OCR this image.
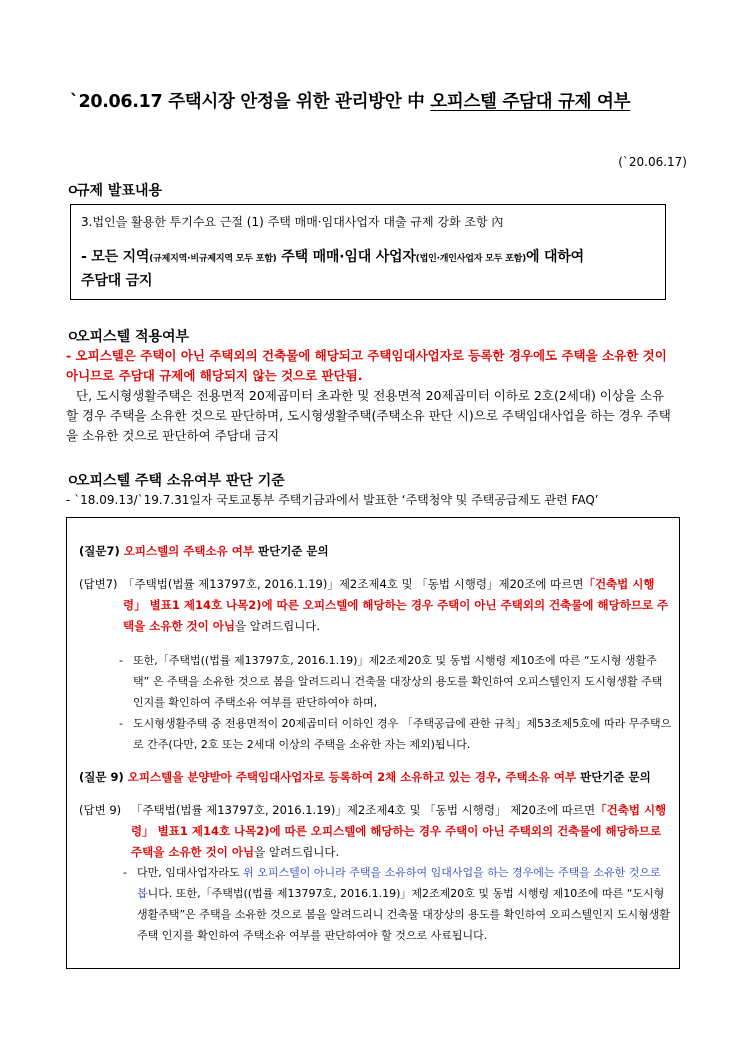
`20.06.17 주택시장 안정을 위한 관리방안 中 오피스텔 주담대 규제 여부
(`20.06.17)
ㅇ규제 발표내용
3.법인을 활용한 투기수요 근절 (1) 주택 매매·임대사업자 대출 규제 강화 조항 內
- 모든 지역(규제지역·비규제지역 모두 포함) 주택 매매·임대 사업자(법인·개인사업자 모두 포함)에 대하여
주담대 금지
ㅇ오피스텔 적용여부
- 오피스텔은 주택이 아닌 주택외의 건축물에 해당되고 주택임대사업자로 등록한 경우에도 주택을 소유한 것이 아니므로 주담대 규제에 해당되지 않는 것으로 판단됨.
단, 도시형생활주택은 전용면적 20제곱미터 초과한 및 전용면적 20제곱미터 이하로 2호(2세대) 이상을 소유할 경우 주택을 소유한 것으로 판단하며, 도시형생활주택(주택소유 판단 시)으로 주택임대사업을 하는 경우 주택을 소유한 것으로 판단하여 주담대 금지
ㅇ오피스텔 주택 소유여부 판단 기준
- `18.09.13/`19.7.31일자 국토교통부 주택기금과에서 발표한 ‘주택청약 및 주택공급제도 관련 FAQ’
(질문7) 오피스텔의 주택소유 여부 판단기준 문의
(답변7) 「주택법(법률 제13797호, 2016.1.19)」제2조제4호 및 「동법 시행령」제20조에 따르면「건축법 시행령」 별표1 제14호 나목2)에 따른 오피스텔에 해당하는 경우 주택이 아닌 주택외의 건축물에 해당하므로 주택을 소유한 것이 아님을 알려드립니다.
- 또한,「주택법((법률 제13797호, 2016.1.19)」제2조제20호 및 동법 시행령 제10조에 따른 “도시형 생활주택” 은 주택을 소유한 것으로 봄을 알려드리니 건축물 대장상의 용도를 확인하여 오피스텔인지 도시형생활 주택 인지를 확인하여 주택소유 여부를 판단하여야 하며,
- 도시형생활주택 중 전용면적이 20제곱미터 이하인 경우 「주택공급에 관한 규칙」제53조제5호에 따라 무주택으로 간주(다만, 2호 또는 2세대 이상의 주택을 소유한 자는 제외)됩니다.
(질문 9) 오피스텔을 분양받아 주택임대사업자로 등록하여 2채 소유하고 있는 경우, 주택소유 여부 판단기준 문의
(답변 9) 「주택법(법률 제13797호, 2016.1.19)」제2조제4호 및 「동법 시행령」 제20조에 따르면「건축법 시행령」 별표1 제14호 나목2)에 따른 오피스텔에 해당하는 경우 주택이 아닌 주택외의 건축물에 해당하므로 주택을 소유한 것이 아님을 알려드립니다.
- 다만, 임대사업자라도 위 오피스텔이 아니라 주택을 소유하여 임대사업을 하는 경우에는 주택을 소유한 것으로 봅니다. 또한,「주택법((법률 제13797호, 2016.1.19)」제2조제20호 및 동법 시행령 제10조에 따른 “도시형 생활주택”은 주택을 소유한 것으로 봄을 알려드리니 건축물 대장상의 용도를 확인하여 오피스텔인지 도시형생활주택 인지를 확인하여 주택소유 여부를 판단하여야 할 것으로 사료됩니다.
